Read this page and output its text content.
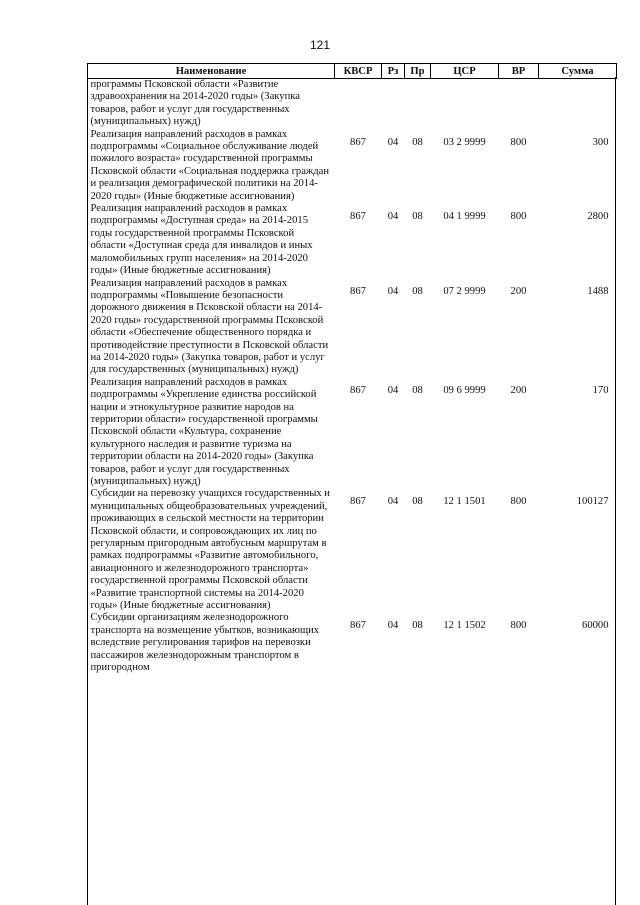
121
Наименование	КВСР	Рз	Пр	ЦСР	ВР	Сумма
программы Псковской области «Развитие здравоохранения на 2014-2020 годы» (Закупка товаров, работ и услуг для государственных (муниципальных) нужд)						
Реализация направлений расходов в рамках подпрограммы «Социальное обслуживание людей пожилого возраста» государственной программы Псковской области «Социальная поддержка граждан и реализация демографической политики на 2014-2020 годы» (Иные бюджетные ассигнования)	867	04	08	03 2 9999	800	300
Реализация направлений расходов в рамках подпрограммы «Доступная среда» на 2014-2015 годы государственной программы Псковской области «Доступная среда для инвалидов и иных маломобильных групп населения» на 2014-2020 годы» (Иные бюджетные ассигнования)	867	04	08	04 1 9999	800	2800
Реализация направлений расходов в рамках подпрограммы «Повышение безопасности дорожного движения в Псковской области на 2014-2020 годы» государственной программы Псковской области «Обеспечение общественного порядка и противодействие преступности в Псковской области на 2014-2020 годы» (Закупка товаров, работ и услуг для государственных (муниципальных) нужд)	867	04	08	07 2 9999	200	1488
Реализация направлений расходов в рамках подпрограммы «Укрепление единства российской нации и этнокультурное развитие народов на территории области» государственной программы Псковской области «Культура, сохранение культурного наследия и развитие туризма на территории области на 2014-2020 годы» (Закупка товаров, работ и услуг для государственных (муниципальных) нужд)	867	04	08	09 6 9999	200	170
Субсидии на перевозку учащихся государственных и муниципальных общеобразовательных учреждений, проживающих в сельской местности на территории Псковской области, и сопровождающих их лиц по регулярным пригородным автобусным маршрутам в рамках подпрограммы «Развитие автомобильного, авиационного и железнодорожного транспорта» государственной программы Псковской области «Развитие транспортной системы на 2014-2020 годы» (Иные бюджетные ассигнования)	867	04	08	12 1 1501	800	100127
Субсидии организациям железнодорожного транспорта на возмещение убытков, возникающих вследствие регулирования тарифов на перевозки пассажиров железнодорожным транспортом в пригородном	867	04	08	12 1 1502	800	60000
